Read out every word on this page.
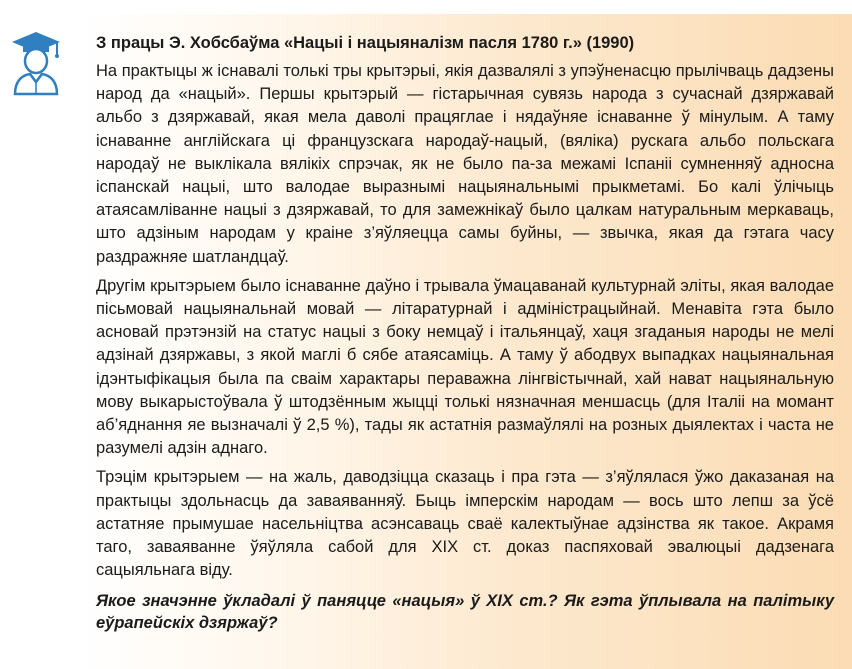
З працы Э. Хобсбаўма «Нацыі і нацыяналізм пасля 1780 г.» (1990)

На практыцы ж існавалі толькі тры крытэрыі, якія дазвалялі з упэўненасцю прылічваць дадзены народ да «нацый». Першы крытэрый — гістарычная сувязь народа з сучаснай дзяржавай альбо з дзяржавай, якая мела даволі працяглае і нядаўняе існаванне ў мінулым. А таму існаванне англійскага ці французскага народаў-нацый, (вяліка) рускага альбо польскага народаў не выклікала вялікіх спрэчак, як не было па-за межамі Іспаніі сумненняў адносна іспанскай нацыі, што валодае выразнымі нацыянальнымі прыкметамі. Бо калі ўлічыць атаясамліванне нацыі з дзяржавай, то для замежнікаў было цалкам натуральным меркаваць, што адзіным народам у краіне з’яўляецца самы буйны, — звычка, якая да гэтага часу раздражняе шатландцаў.

Другім крытэрыем было існаванне даўно і трывала ўмацаванай культурнай эліты, якая валодае пісьмовай нацыянальнай мовай — літаратурнай і адміністрацыйнай. Менавіта гэта было асновай прэтэнзій на статус нацыі з боку немцаў і італьянцаў, хаця згаданыя народы не мелі адзінай дзяржавы, з якой маглі б сябе атаясаміць. А таму ў абодвух выпадках нацыянальная ідэнтыфікацыя была па сваім характары пераважна лінгвістычнай, хай нават нацыянальную мову выкарыстоўвала ў штодзённым жыцці толькі нязначная меншасць (для Італіі на момант аб’яднання яе вызначалі ў 2,5 %), тады як астатнія размаўлялі на розных дыялектах і часта не разумелі адзін аднаго.

Трэцім крытэрыем — на жаль, даводзіцца сказаць і пра гэта — з’яўлялася ўжо даказаная на практыцы здольнасць да заваяванняў. Быць імперскім народам — вось што лепш за ўсё астатняе прымушае насельніцтва асэнсаваць сваё калектыўнае адзінства як такое. Акрамя таго, заваяванне ўяўляла сабой для XIX ст. доказ паспяховай эвалюцыі дадзенага сацыяльнага віду.

Якое значэнне ўкладалі ў паняцце «нацыя» ў XIX ст.? Як гэта ўплывала на палітыку еўрапейскіх дзяржаў?
